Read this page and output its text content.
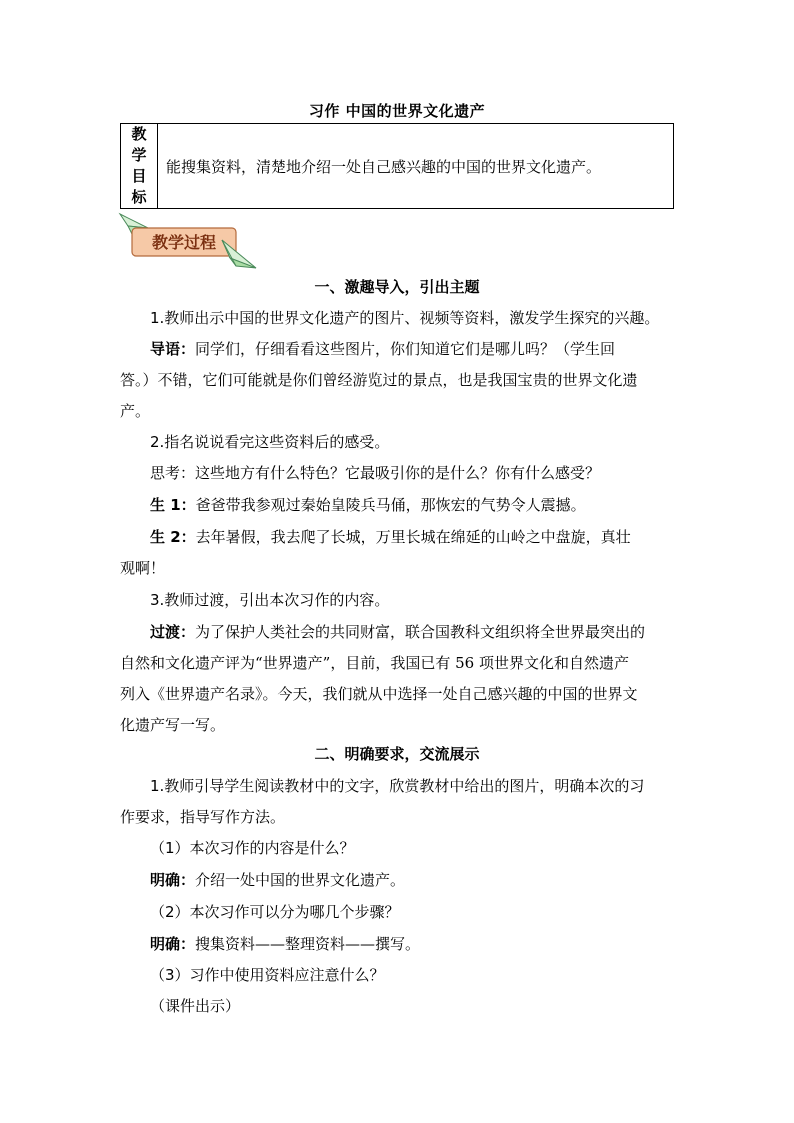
习作 中国的世界文化遗产
教
学
目
标
	能搜集资料，清楚地介绍一处自己感兴趣的中国的世界文化遗产。
教学过程
一、激趣导入，引出主题
1.教师出示中国的世界文化遗产的图片、视频等资料，激发学生探究的兴趣。
导语：同学们，仔细看看这些图片，你们知道它们是哪儿吗？（学生回
答。）不错，它们可能就是你们曾经游览过的景点，也是我国宝贵的世界文化遗
产。
2.指名说说看完这些资料后的感受。
思考：这些地方有什么特色？它最吸引你的是什么？你有什么感受？
生 1：爸爸带我参观过秦始皇陵兵马俑，那恢宏的气势令人震撼。
生 2：去年暑假，我去爬了长城，万里长城在绵延的山岭之中盘旋，真壮
观啊！
3.教师过渡，引出本次习作的内容。
过渡：为了保护人类社会的共同财富，联合国教科文组织将全世界最突出的
自然和文化遗产评为“世界遗产”，目前，我国已有 56 项世界文化和自然遗产
列入《世界遗产名录》。今天，我们就从中选择一处自己感兴趣的中国的世界文
化遗产写一写。
二、明确要求，交流展示
1.教师引导学生阅读教材中的文字，欣赏教材中给出的图片，明确本次的习
作要求，指导写作方法。
（1）本次习作的内容是什么？
明确：介绍一处中国的世界文化遗产。
（2）本次习作可以分为哪几个步骤？
明确：搜集资料——整理资料——撰写。
（3）习作中使用资料应注意什么？
（课件出示）
